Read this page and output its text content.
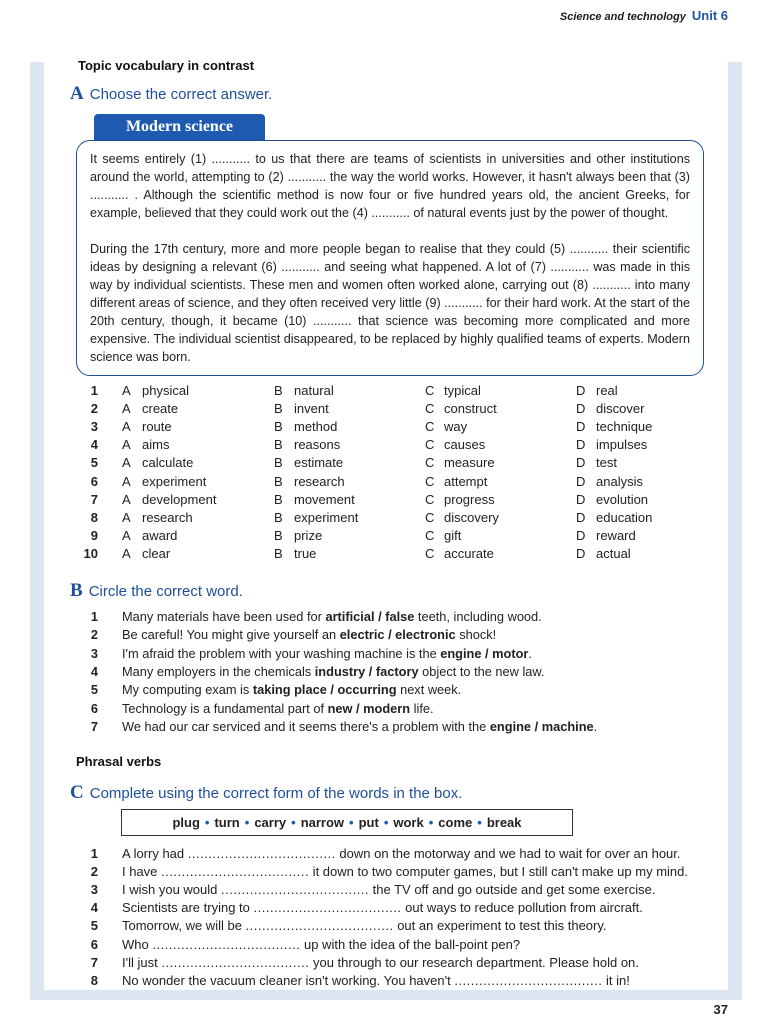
Science and technology Unit 6
Topic vocabulary in contrast
A Choose the correct answer.
Modern science
It seems entirely (1) ........... to us that there are teams of scientists in universities and other institutions around the world, attempting to (2) ........... the way the world works. However, it hasn't always been that (3) ........... . Although the scientific method is now four or five hundred years old, the ancient Greeks, for example, believed that they could work out the (4) ........... of natural events just by the power of thought.
During the 17th century, more and more people began to realise that they could (5) ........... their scientific ideas by designing a relevant (6) ........... and seeing what happened. A lot of (7) ........... was made in this way by individual scientists. These men and women often worked alone, carrying out (8) ........... into many different areas of science, and they often received very little (9) ........... for their hard work. At the start of the 20th century, though, it became (10) ........... that science was becoming more complicated and more expensive. The individual scientist disappeared, to be replaced by highly qualified teams of experts. Modern science was born.
1 A physical	B natural	C typical	D real
2 A create	B invent	C construct	D discover
3 A route	B method	C way	D technique
4 A aims	B reasons	C causes	D impulses
5 A calculate	B estimate	C measure	D test
6 A experiment	B research	C attempt	D analysis
7 A development	B movement	C progress	D evolution
8 A research	B experiment	C discovery	D education
9 A award	B prize	C gift	D reward
10 A clear	B true	C accurate	D actual
B Circle the correct word.
1 Many materials have been used for artificial / false teeth, including wood.
2 Be careful! You might give yourself an electric / electronic shock!
3 I'm afraid the problem with your washing machine is the engine / motor.
4 Many employers in the chemicals industry / factory object to the new law.
5 My computing exam is taking place / occurring next week.
6 Technology is a fundamental part of new / modern life.
7 We had our car serviced and it seems there's a problem with the engine / machine.
Phrasal verbs
C Complete using the correct form of the words in the box.
plug • turn • carry • narrow • put • work • come • break
1 A lorry had .................................... down on the motorway and we had to wait for over an hour.
2 I have .................................... it down to two computer games, but I still can't make up my mind.
3 I wish you would .................................... the TV off and go outside and get some exercise.
4 Scientists are trying to .................................... out ways to reduce pollution from aircraft.
5 Tomorrow, we will be .................................... out an experiment to test this theory.
6 Who .................................... up with the idea of the ball-point pen?
7 I'll just .................................... you through to our research department. Please hold on.
8 No wonder the vacuum cleaner isn't working. You haven't .................................... it in!
37
